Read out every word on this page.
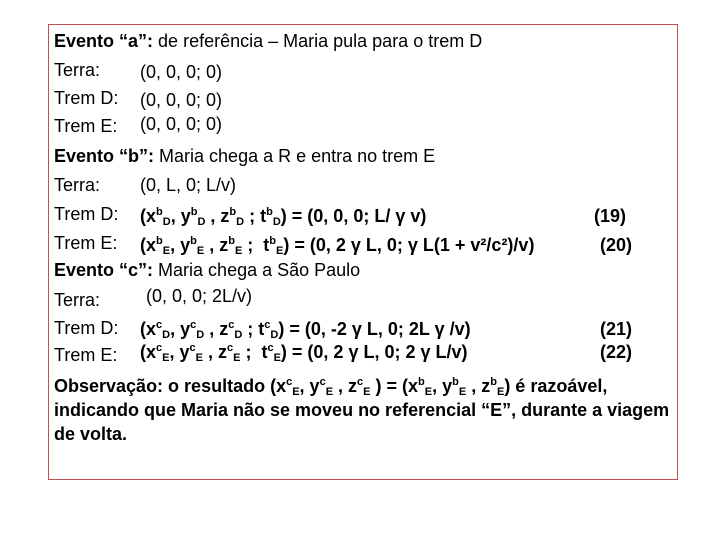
Evento “a”: de referência – Maria pula para o trem D
Terra: (0, 0, 0; 0)
Trem D: (0, 0, 0; 0)
Trem E: (0, 0, 0; 0)
Evento “b”: Maria chega a R e entra no trem E
Terra: (0, L, 0; L/v)
Trem D: ($x^b_D$, $y^b_D$ , $z^b_D$ ; $t^b_D) = (0$, 0, 0; L/ γ v)	(19)
Trem E: ($x^b_E$, $y^b_E$ , $z^b_E$ ;  $t^b_E) = (0$, 2 γ L, 0; γ L(1 + v²/c²)/v)	(20)
Evento “c”: Maria chega a São Paulo
Terra:	(0, 0, 0; 2L/v)
Trem D: ($x^c_D$, $y^c_D$ , $z^c_D$ ; $t^c_D) = (0$, -2 γ L, 0; 2L γ /v)	(21)
Trem E: ($x^c_E$, $y^c_E$ , $z^c_E$ ;  $t^c_E) = (0$, 2 γ L, 0; 2 γ L/v)	(22)
Observação: o resultado ($x^c_E$, $y^c_E$ , $z^c_E$ ) = ($x^b_E$, $y^b_E$ , $z^b_E$) é razoável, indicando que Maria não se moveu no referencial “E”, durante a viagem de volta.
